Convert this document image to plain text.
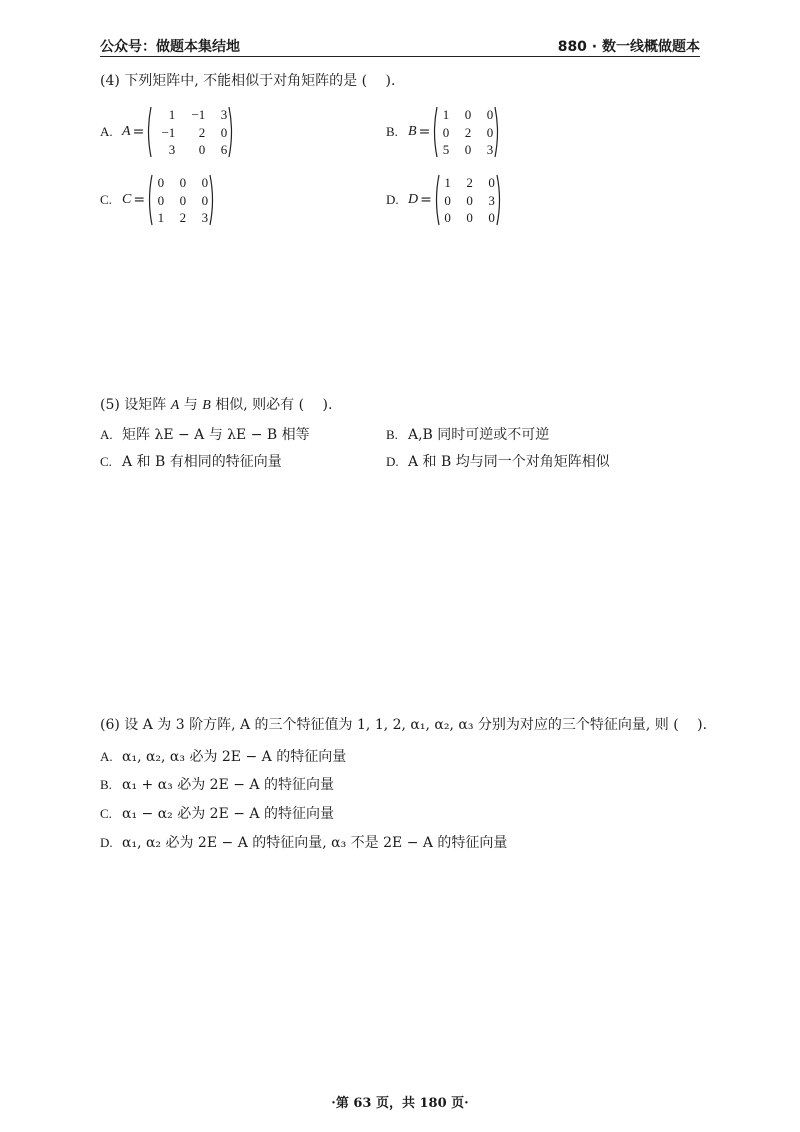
公众号：做题本集结地	880 · 数一线概做题本
(4) 下列矩阵中, 不能相似于对角矩阵的是 (　 ).
A. A =
1	−1	3
−1	2	0
3	0	6
B. B =
1	0	0
0	2	0
5	0	3
C. C =
0	0	0
0	0	0
1	2	3
D. D =
1	2	0
0	0	3
0	0	0
(5) 设矩阵 A 与 B 相似, 则必有 (　 ).
A. 矩阵 λE − A 与 λE − B 相等	B. A,B 同时可逆或不可逆
C. A 和 B 有相同的特征向量	D. A 和 B 均与同一个对角矩阵相似
(6) 设 A 为 3 阶方阵, A 的三个特征值为 1, 1, 2, α₁, α₂, α₃ 分别为对应的三个特征向量, 则 (　 ).
A. α₁, α₂, α₃ 必为 2E − A 的特征向量
B. α₁ + α₃ 必为 2E − A 的特征向量
C. α₁ − α₂ 必为 2E − A 的特征向量
D. α₁, α₂ 必为 2E − A 的特征向量, α₃ 不是 2E − A 的特征向量
·第 63 页，共 180 页·
